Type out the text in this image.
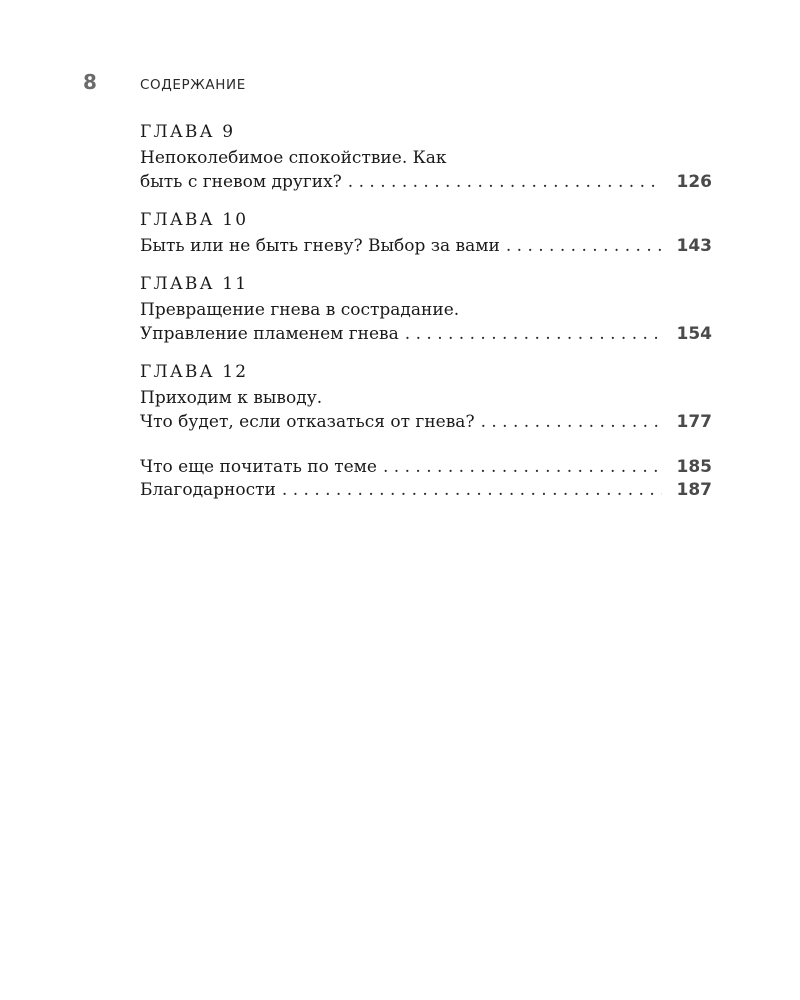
8	СОДЕРЖАНИЕ
ГЛАВА 9
Непоколебимое спокойствие. Как
быть с гневом других? . . .	126
ГЛАВА 10
Быть или не быть гневу? Выбор за вами . . .	143
ГЛАВА 11
Превращение гнева в сострадание.
Управление пламенем гнева . . .	154
ГЛАВА 12
Приходим к выводу.
Что будет, если отказаться от гнева? . . .	177
Что еще почитать по теме . . .	185
Благодарности . . .	187
